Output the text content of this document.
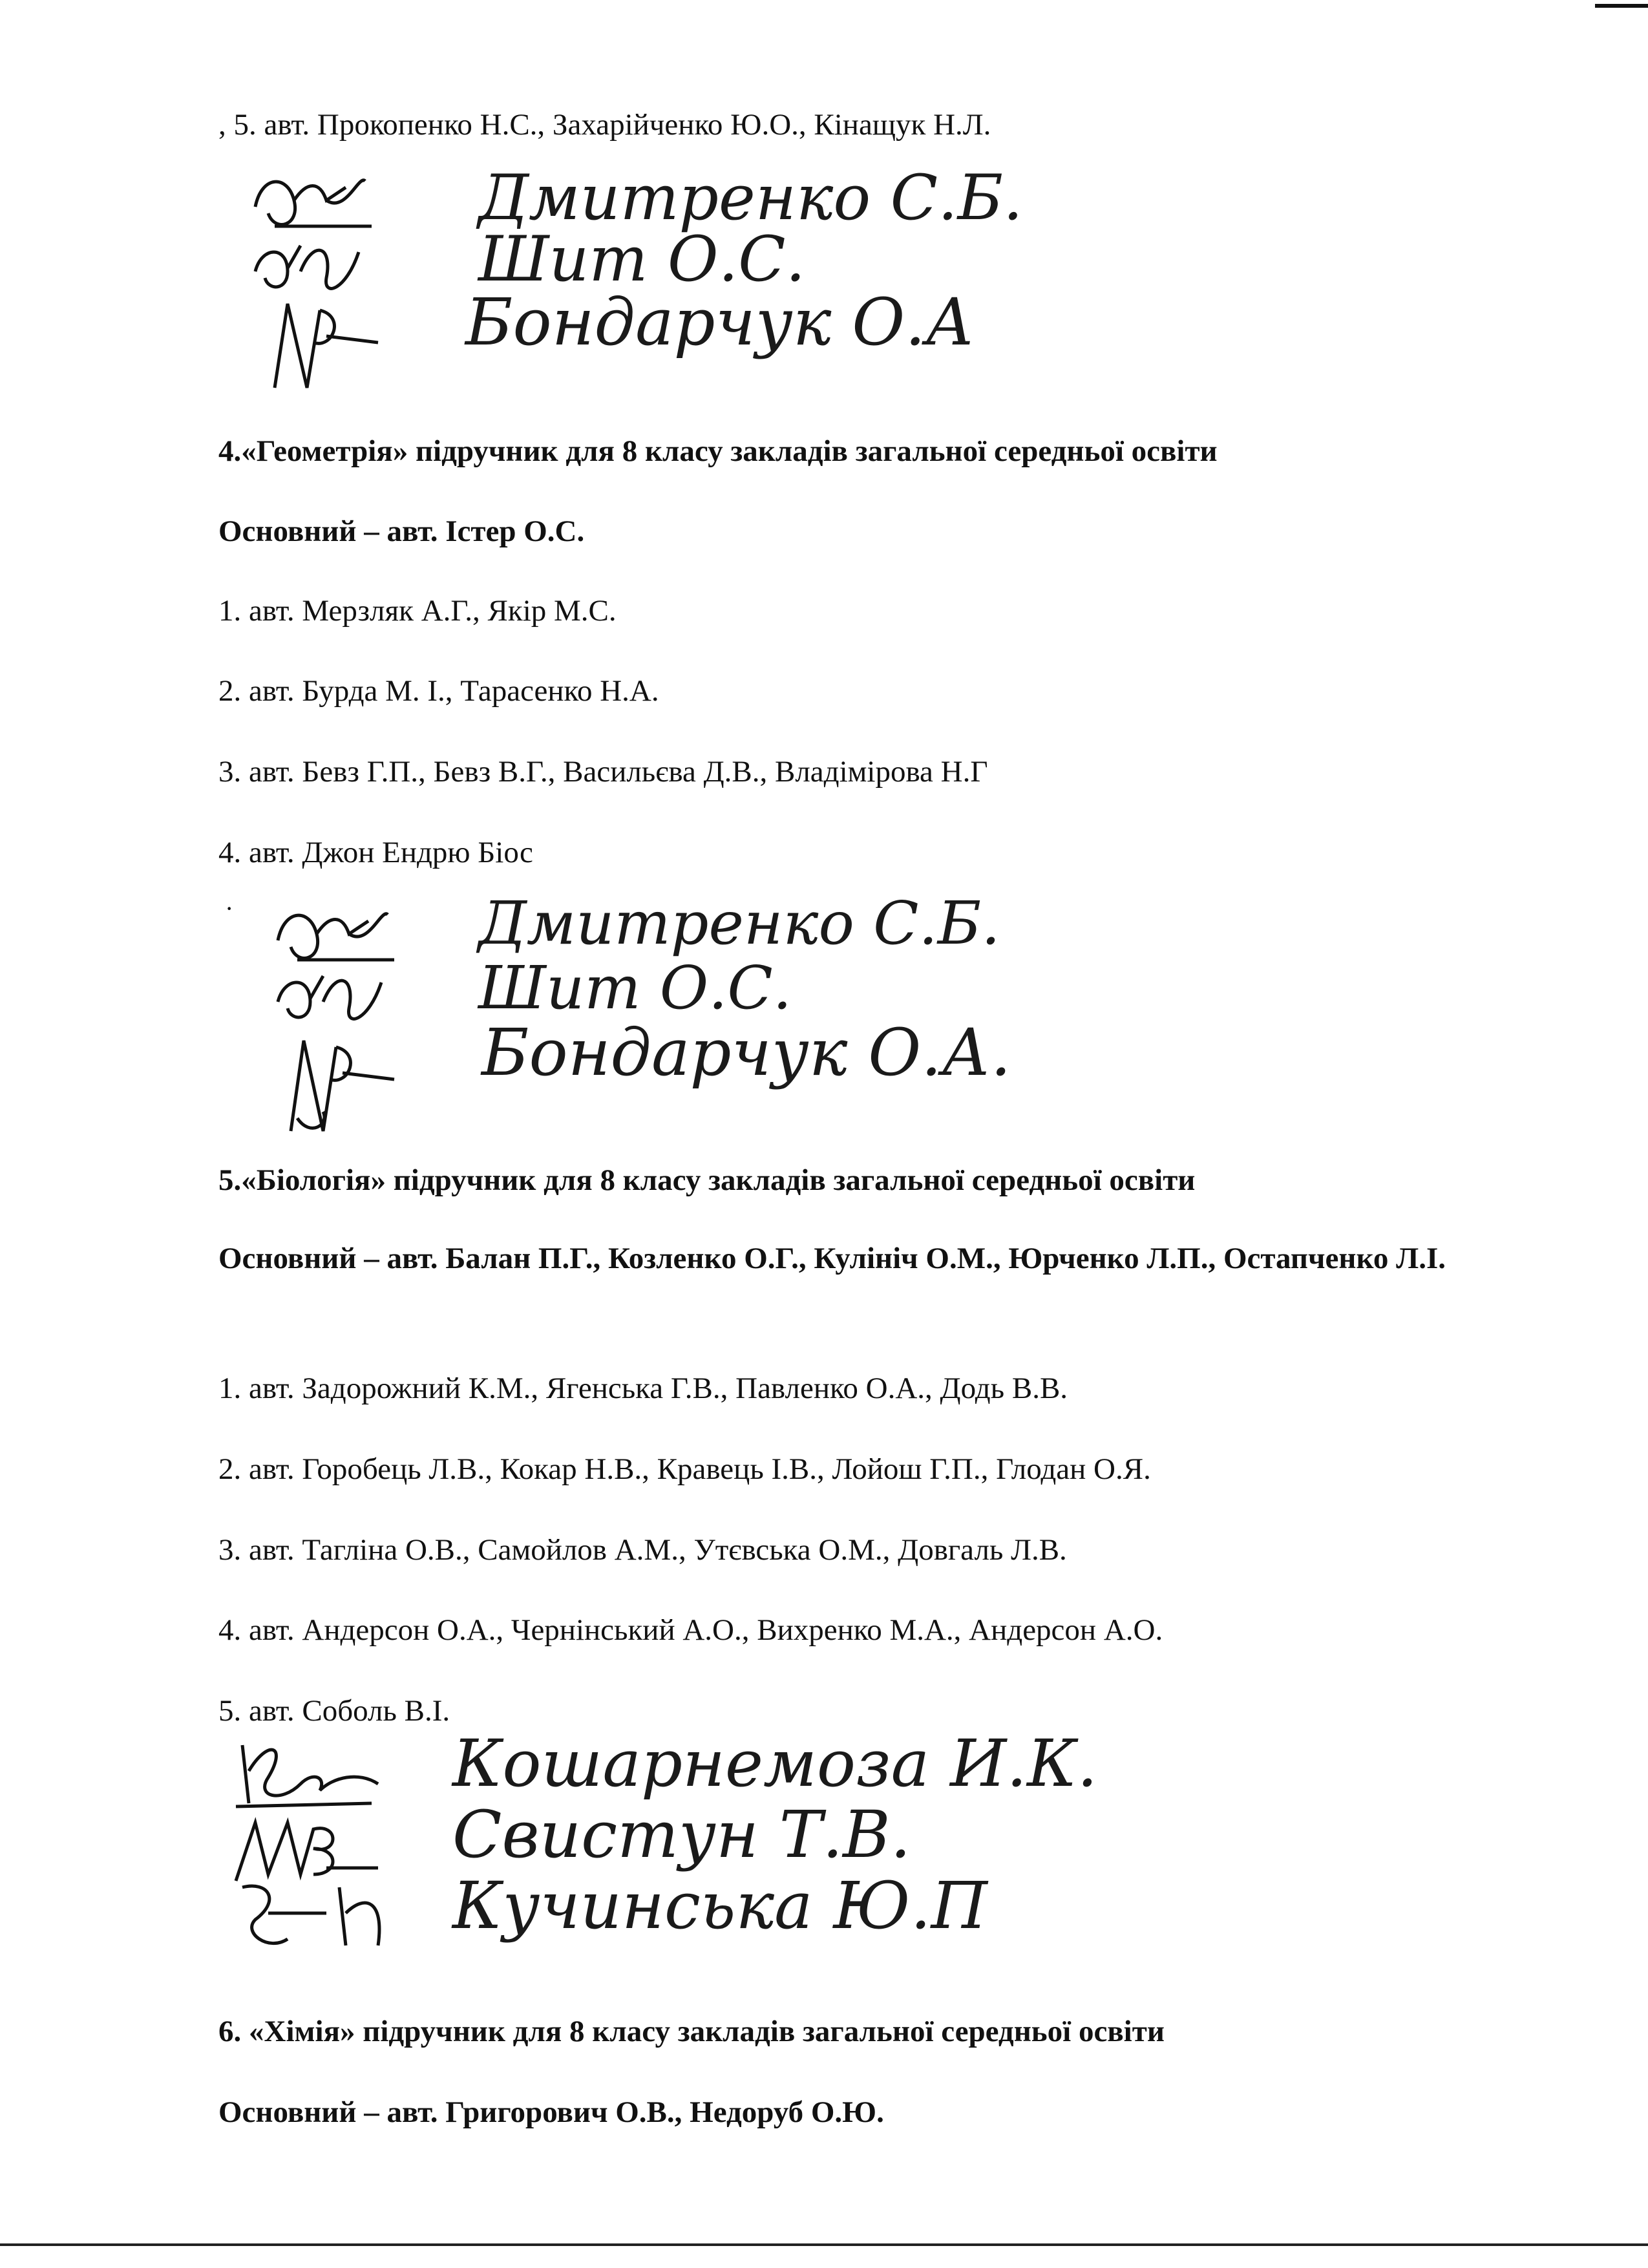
, 5. авт. Прокопенко Н.С., Захарійченко Ю.О., Кінащук Н.Л.
Дмитренко С.Б.
Шит О.С.
Бондарчук О.А
4.«Геометрія» підручник для 8 класу закладів загальної середньої освіти
Основний – авт. Істер О.С.
1. авт. Мерзляк А.Г., Якір М.С.
2. авт. Бурда М. І., Тарасенко Н.А.
3. авт. Бевз Г.П., Бевз В.Г., Васильєва Д.В., Владімірова Н.Г
4. авт. Джон Ендрю Біос
·	Дмитренко С.Б.
Шит О.С.
Бондарчук О.А.
5.«Біологія» підручник для 8 класу закладів загальної середньої освіти
Основний – авт. Балан П.Г., Козленко О.Г., Кулініч О.М., Юрченко Л.П., Остапченко Л.І.
1. авт. Задорожний К.М., Ягенська Г.В., Павленко О.А., Додь В.В.
2. авт. Горобець Л.В., Кокар Н.В., Кравець І.В., Лойош Г.П., Глодан О.Я.
3. авт. Тагліна О.В., Самойлов А.М., Утєвська О.М., Довгаль Л.В.
4. авт. Андерсон О.А., Чернінський А.О., Вихренко М.А., Андерсон А.О.
5. авт. Соболь В.І.
Кошарнемоза И.К.
Свистун Т.В.
Кучинська Ю.П
6. «Хімія» підручник для 8 класу закладів загальної середньої освіти
Основний – авт. Григорович О.В., Недоруб О.Ю.
